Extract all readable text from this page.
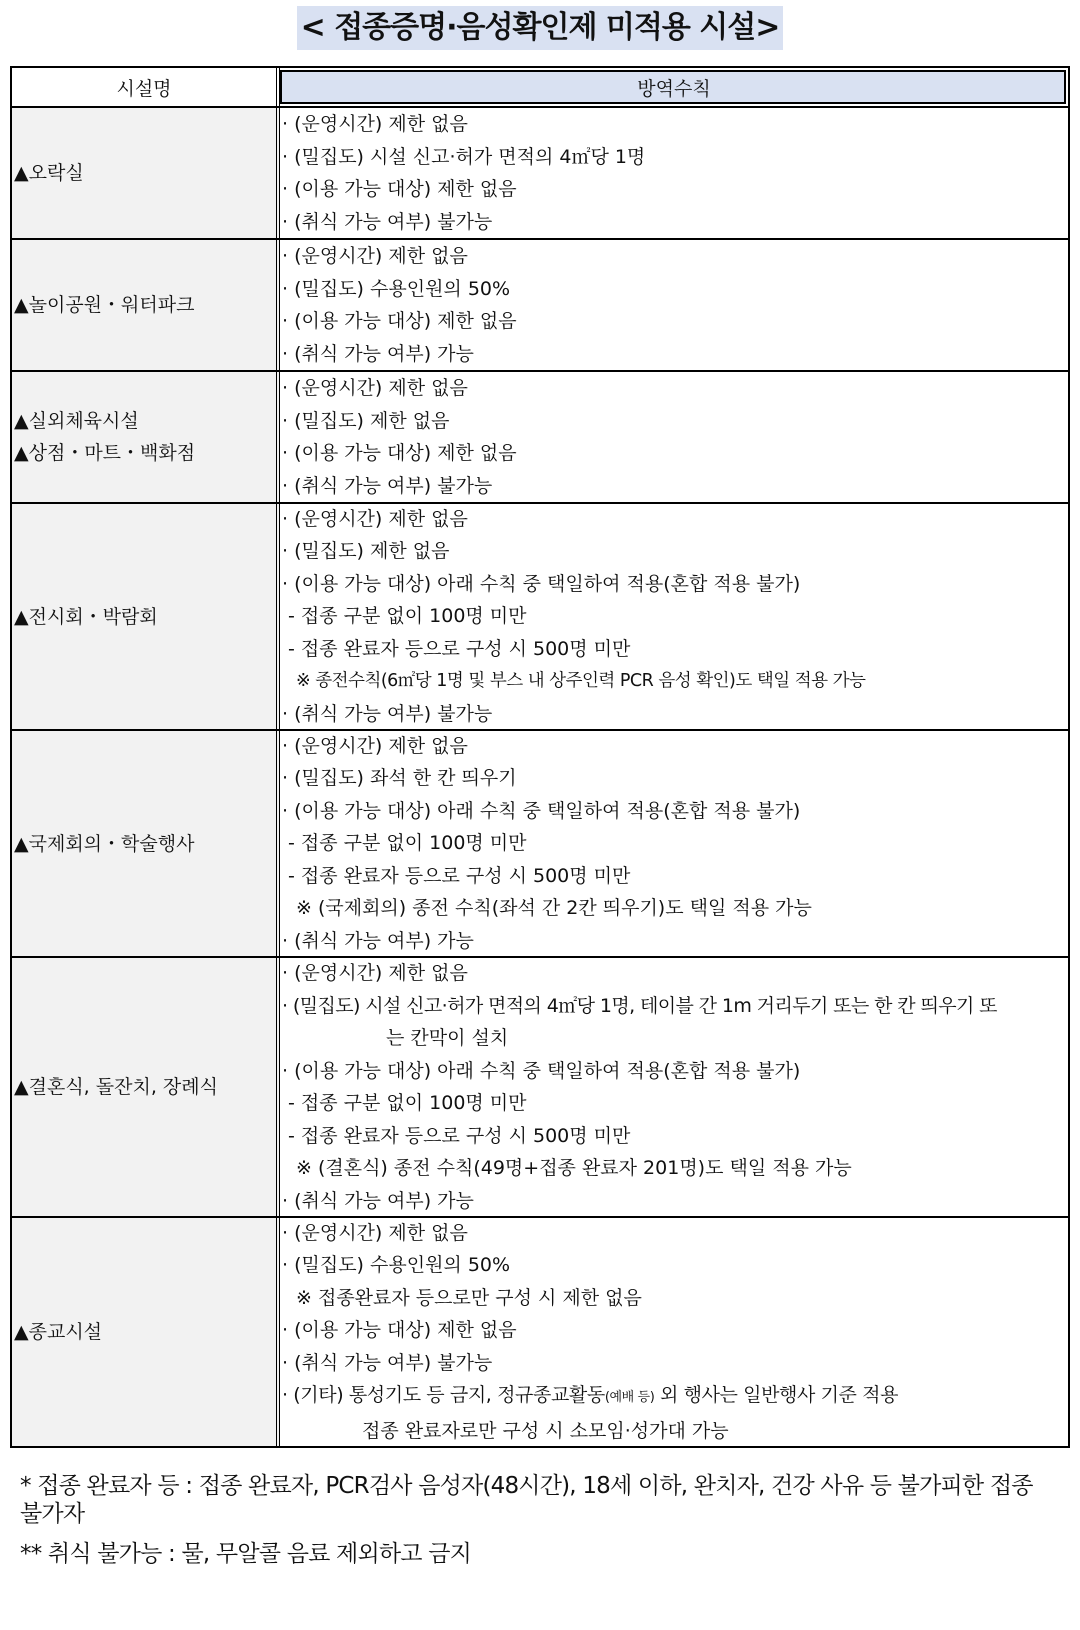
< 접종증명·음성확인제 미적용 시설>
시설명	방역수칙
▲오락실
· (운영시간) 제한 없음
· (밀집도) 시설 신고·허가 면적의 4㎡당 1명
· (이용 가능 대상) 제한 없음
· (취식 가능 여부) 불가능
▲놀이공원・워터파크
· (운영시간) 제한 없음
· (밀집도) 수용인원의 50%
· (이용 가능 대상) 제한 없음
· (취식 가능 여부) 가능
▲실외체육시설
▲상점・마트・백화점
· (운영시간) 제한 없음
· (밀집도) 제한 없음
· (이용 가능 대상) 제한 없음
· (취식 가능 여부) 불가능
▲전시회・박람회
· (운영시간) 제한 없음
· (밀집도) 제한 없음
· (이용 가능 대상) 아래 수칙 중 택일하여 적용(혼합 적용 불가)
- 접종 구분 없이 100명 미만
- 접종 완료자 등으로 구성 시 500명 미만
※ 종전수칙(6㎡당 1명 및 부스 내 상주인력 PCR 음성 확인)도 택일 적용 가능
· (취식 가능 여부) 불가능
▲국제회의・학술행사
· (운영시간) 제한 없음
· (밀집도) 좌석 한 칸 띄우기
· (이용 가능 대상) 아래 수칙 중 택일하여 적용(혼합 적용 불가)
- 접종 구분 없이 100명 미만
- 접종 완료자 등으로 구성 시 500명 미만
※ (국제회의) 종전 수칙(좌석 간 2칸 띄우기)도 택일 적용 가능
· (취식 가능 여부) 가능
▲결혼식, 돌잔치, 장례식
· (운영시간) 제한 없음
· (밀집도) 시설 신고·허가 면적의 4㎡당 1명, 테이블 간 1m 거리두기 또는 한 칸 띄우기 또
는 칸막이 설치
· (이용 가능 대상) 아래 수칙 중 택일하여 적용(혼합 적용 불가)
- 접종 구분 없이 100명 미만
- 접종 완료자 등으로 구성 시 500명 미만
※ (결혼식) 종전 수칙(49명+접종 완료자 201명)도 택일 적용 가능
· (취식 가능 여부) 가능
▲종교시설
· (운영시간) 제한 없음
· (밀집도) 수용인원의 50%
※ 접종완료자 등으로만 구성 시 제한 없음
· (이용 가능 대상) 제한 없음
· (취식 가능 여부) 불가능
· (기타) 통성기도 등 금지, 정규종교활동(예배 등) 외 행사는 일반행사 기준 적용
접종 완료자로만 구성 시 소모임·성가대 가능
* 접종 완료자 등 : 접종 완료자, PCR검사 음성자(48시간), 18세 이하, 완치자, 건강 사유 등 불가피한 접종 불가자
** 취식 불가능 : 물, 무알콜 음료 제외하고 금지
